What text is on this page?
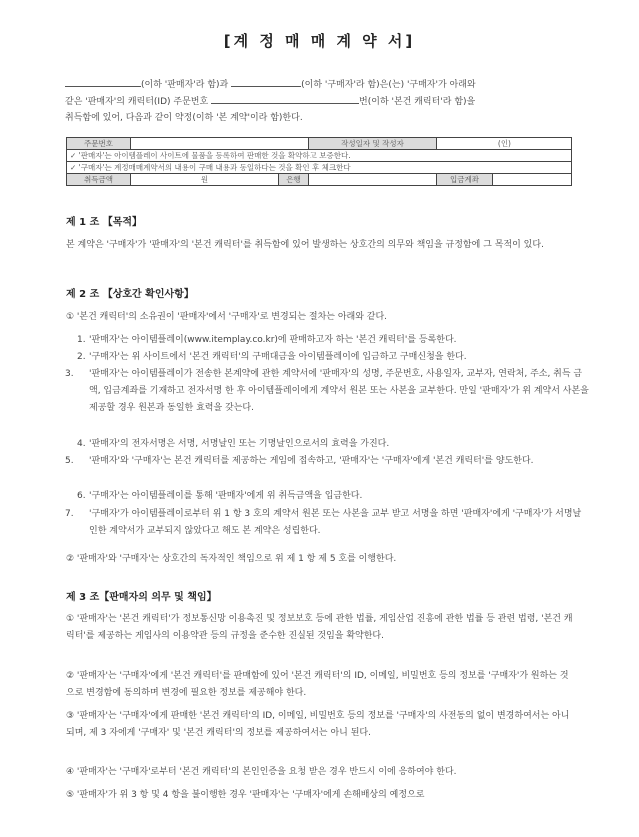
[계 정 매 매 계 약 서]
(이하 '판매자'라 함)과	(이하 '구매자'라 함)은(는) '구매자'가 아래와
같은 '판매자'의 캐릭터(ID) 주문번호	번(이하 '본건 캐릭터'라 함)을
취득함에 있어, 다음과 같이 약정(이하 '본 계약'이라 함)한다.
주문번호			작성일자 및 작성자	(인)	
✓ '판매자'는 아이템플레이 사이트에 물품을 등록하여 판매한 것을 확약하고 보증한다.					
✓ '구매자'는 계정매매계약서의 내용이 구매 내용과 동일하다는 것을 확인 후 체크한다					
취득금액	원	은행		입금계좌	
제 1 조 【목적】
본 계약은 '구매자'가 '판매자'의 '본건 캐릭터'를 취득함에 있어 발생하는 상호간의 의무와 책임을 규정함에 그 목적이 있다.
제 2 조 【상호간 확인사항】
① '본건 캐릭터'의 소유권이 '판매자'에서 '구매자'로 변경되는 절차는 아래와 같다.
1. '판매자'는 아이템플레이(www.itemplay.co.kr)에 판매하고자 하는 '본건 캐릭터'를 등록한다.
2. '구매자'는 위 사이트에서 '본건 캐릭터'의 구매대금을 아이템플레이에 입금하고 구매신청을 한다.
3. '판매자'는 아이템플레이가 전송한 본계약에 관한 계약서에 '판매자'의 성명, 주문번호, 사용일자, 교부자, 연락처, 주소, 취득 금액, 입금계좌를 기재하고 전자서명 한 후 아이템플레이에게 계약서 원본 또는 사본을 교부한다. 만일 '판매자'가 위 계약서 사본을 제공할 경우 원본과 동일한 효력을 갖는다.
4. '판매자'의 전자서명은 서명, 서명날인 또는 기명날인으로서의 효력을 가진다.
5. '판매자'와 '구매자'는 본건 캐릭터를 제공하는 게임에 접속하고, '판매자'는 '구매자'에게 '본건 캐릭터'를 양도한다.
6. '구매자'는 아이템플레이를 통해 '판매자'에게 위 취득금액을 입금한다.
7. '구매자'가 아이템플레이로부터 위 1 항 3 호의 계약서 원본 또는 사본을 교부 받고 서명을 하면 '판매자'에게 '구매자'가 서명날인한 계약서가 교부되지 않았다고 해도 본 계약은 성립한다.
② '판매자'와 '구매자'는 상호간의 독자적인 책임으로 위 제 1 항 제 5 호를 이행한다.
제 3 조【판매자의 의무 및 책임】
① '판매자'는 '본건 캐릭터'가 정보통신망 이용촉진 및 정보보호 등에 관한 법률, 게임산업 진흥에 관한 법률 등 관련 법령, '본건 캐릭터'를 제공하는 게임사의 이용약관 등의 규정을 준수한 진실된 것임을 확약한다.
② '판매자'는 '구매자'에게 '본건 캐릭터'를 판매함에 있어 '본건 캐릭터'의 ID, 이메일, 비밀번호 등의 정보를 '구매자'가 원하는 것으로 변경함에 동의하며 변경에 필요한 정보를 제공해야 한다.
③ '판매자'는 '구매자'에게 판매한 '본건 캐릭터'의 ID, 이메일, 비밀번호 등의 정보를 '구매자'의 사전동의 없이 변경하여서는 아니 되며, 제 3 자에게 '구매자' 및 '본건 캐릭터'의 정보를 제공하여서는 아니 된다.
④ '판매자'는 '구매자'로부터 '본건 캐릭터'의 본인인증을 요청 받은 경우 반드시 이에 응하여야 한다.
⑤ '판매자'가 위 3 항 및 4 항을 불이행한 경우 '판매자'는 '구매자'에게 손해배상의 예정으로
